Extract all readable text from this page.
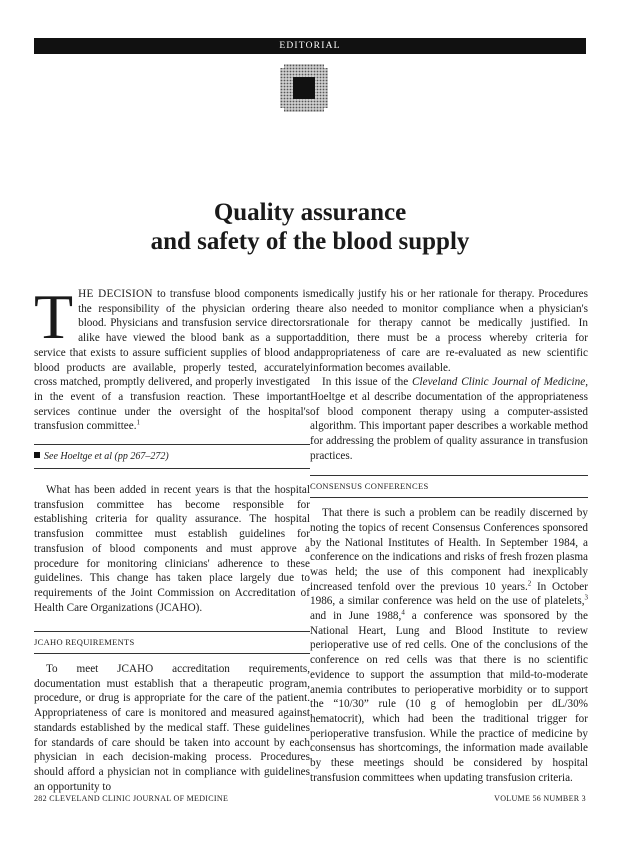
EDITORIAL
Quality assurance
and safety of the blood supply

THE DECISION to transfuse blood components is the responsibility of the physician ordering the blood. Physicians and transfusion service directors alike have viewed the blood bank as a support service that exists to assure sufficient supplies of blood and blood products are available, properly tested, accurately cross matched, promptly delivered, and properly investigated in the event of a transfusion reaction. These important services continue under the oversight of the hospital's transfusion committee.$^1$

See Hoeltge et al (pp 267–272)

What has been added in recent years is that the hospital transfusion committee has become responsible for establishing criteria for quality assurance. The hospital transfusion committee must establish guidelines for transfusion of blood components and must approve a procedure for monitoring clinicians' adherence to these guidelines. This change has taken place largely due to requirements of the Joint Commission on Accreditation of Health Care Organizations (JCAHO).

JCAHO REQUIREMENTS

To meet JCAHO accreditation requirements, documentation must establish that a therapeutic program, procedure, or drug is appropriate for the care of the patient. Appropriateness of care is monitored and measured against standards established by the medical staff. These guidelines for standards of care should be taken into account by each physician in each decision-making process. Procedures should afford a physician not in compliance with guidelines an opportunity to

medically justify his or her rationale for therapy. Procedures are also needed to monitor compliance when a physician's rationale for therapy cannot be medically justified. In addition, there must be a process whereby criteria for appropriateness of care are re-evaluated as new scientific information becomes available.

In this issue of the Cleveland Clinic Journal of Medicine, Hoeltge et al describe documentation of the appropriateness of blood component therapy using a computer-assisted algorithm. This important paper describes a workable method for addressing the problem of quality assurance in transfusion practices.

CONSENSUS CONFERENCES

That there is such a problem can be readily discerned by noting the topics of recent Consensus Conferences sponsored by the National Institutes of Health. In September 1984, a conference on the indications and risks of fresh frozen plasma was held; the use of this component had inexplicably increased tenfold over the previous 10 years.$^2$ In October 1986, a similar conference was held on the use of platelets,$^3$ and in June 1988,$^4$ a conference was sponsored by the National Heart, Lung and Blood Institute to review perioperative use of red cells. One of the conclusions of the conference on red cells was that there is no scientific evidence to support the assumption that mild-to-moderate anemia contributes to perioperative morbidity or to support the “10/30” rule (10 g of hemoglobin per dL/30% hematocrit), which had been the traditional trigger for perioperative transfusion. While the practice of medicine by consensus has shortcomings, the information made available by these meetings should be considered by hospital transfusion committees when updating transfusion criteria.

282 CLEVELAND CLINIC JOURNAL OF MEDICINE	VOLUME 56 NUMBER 3
